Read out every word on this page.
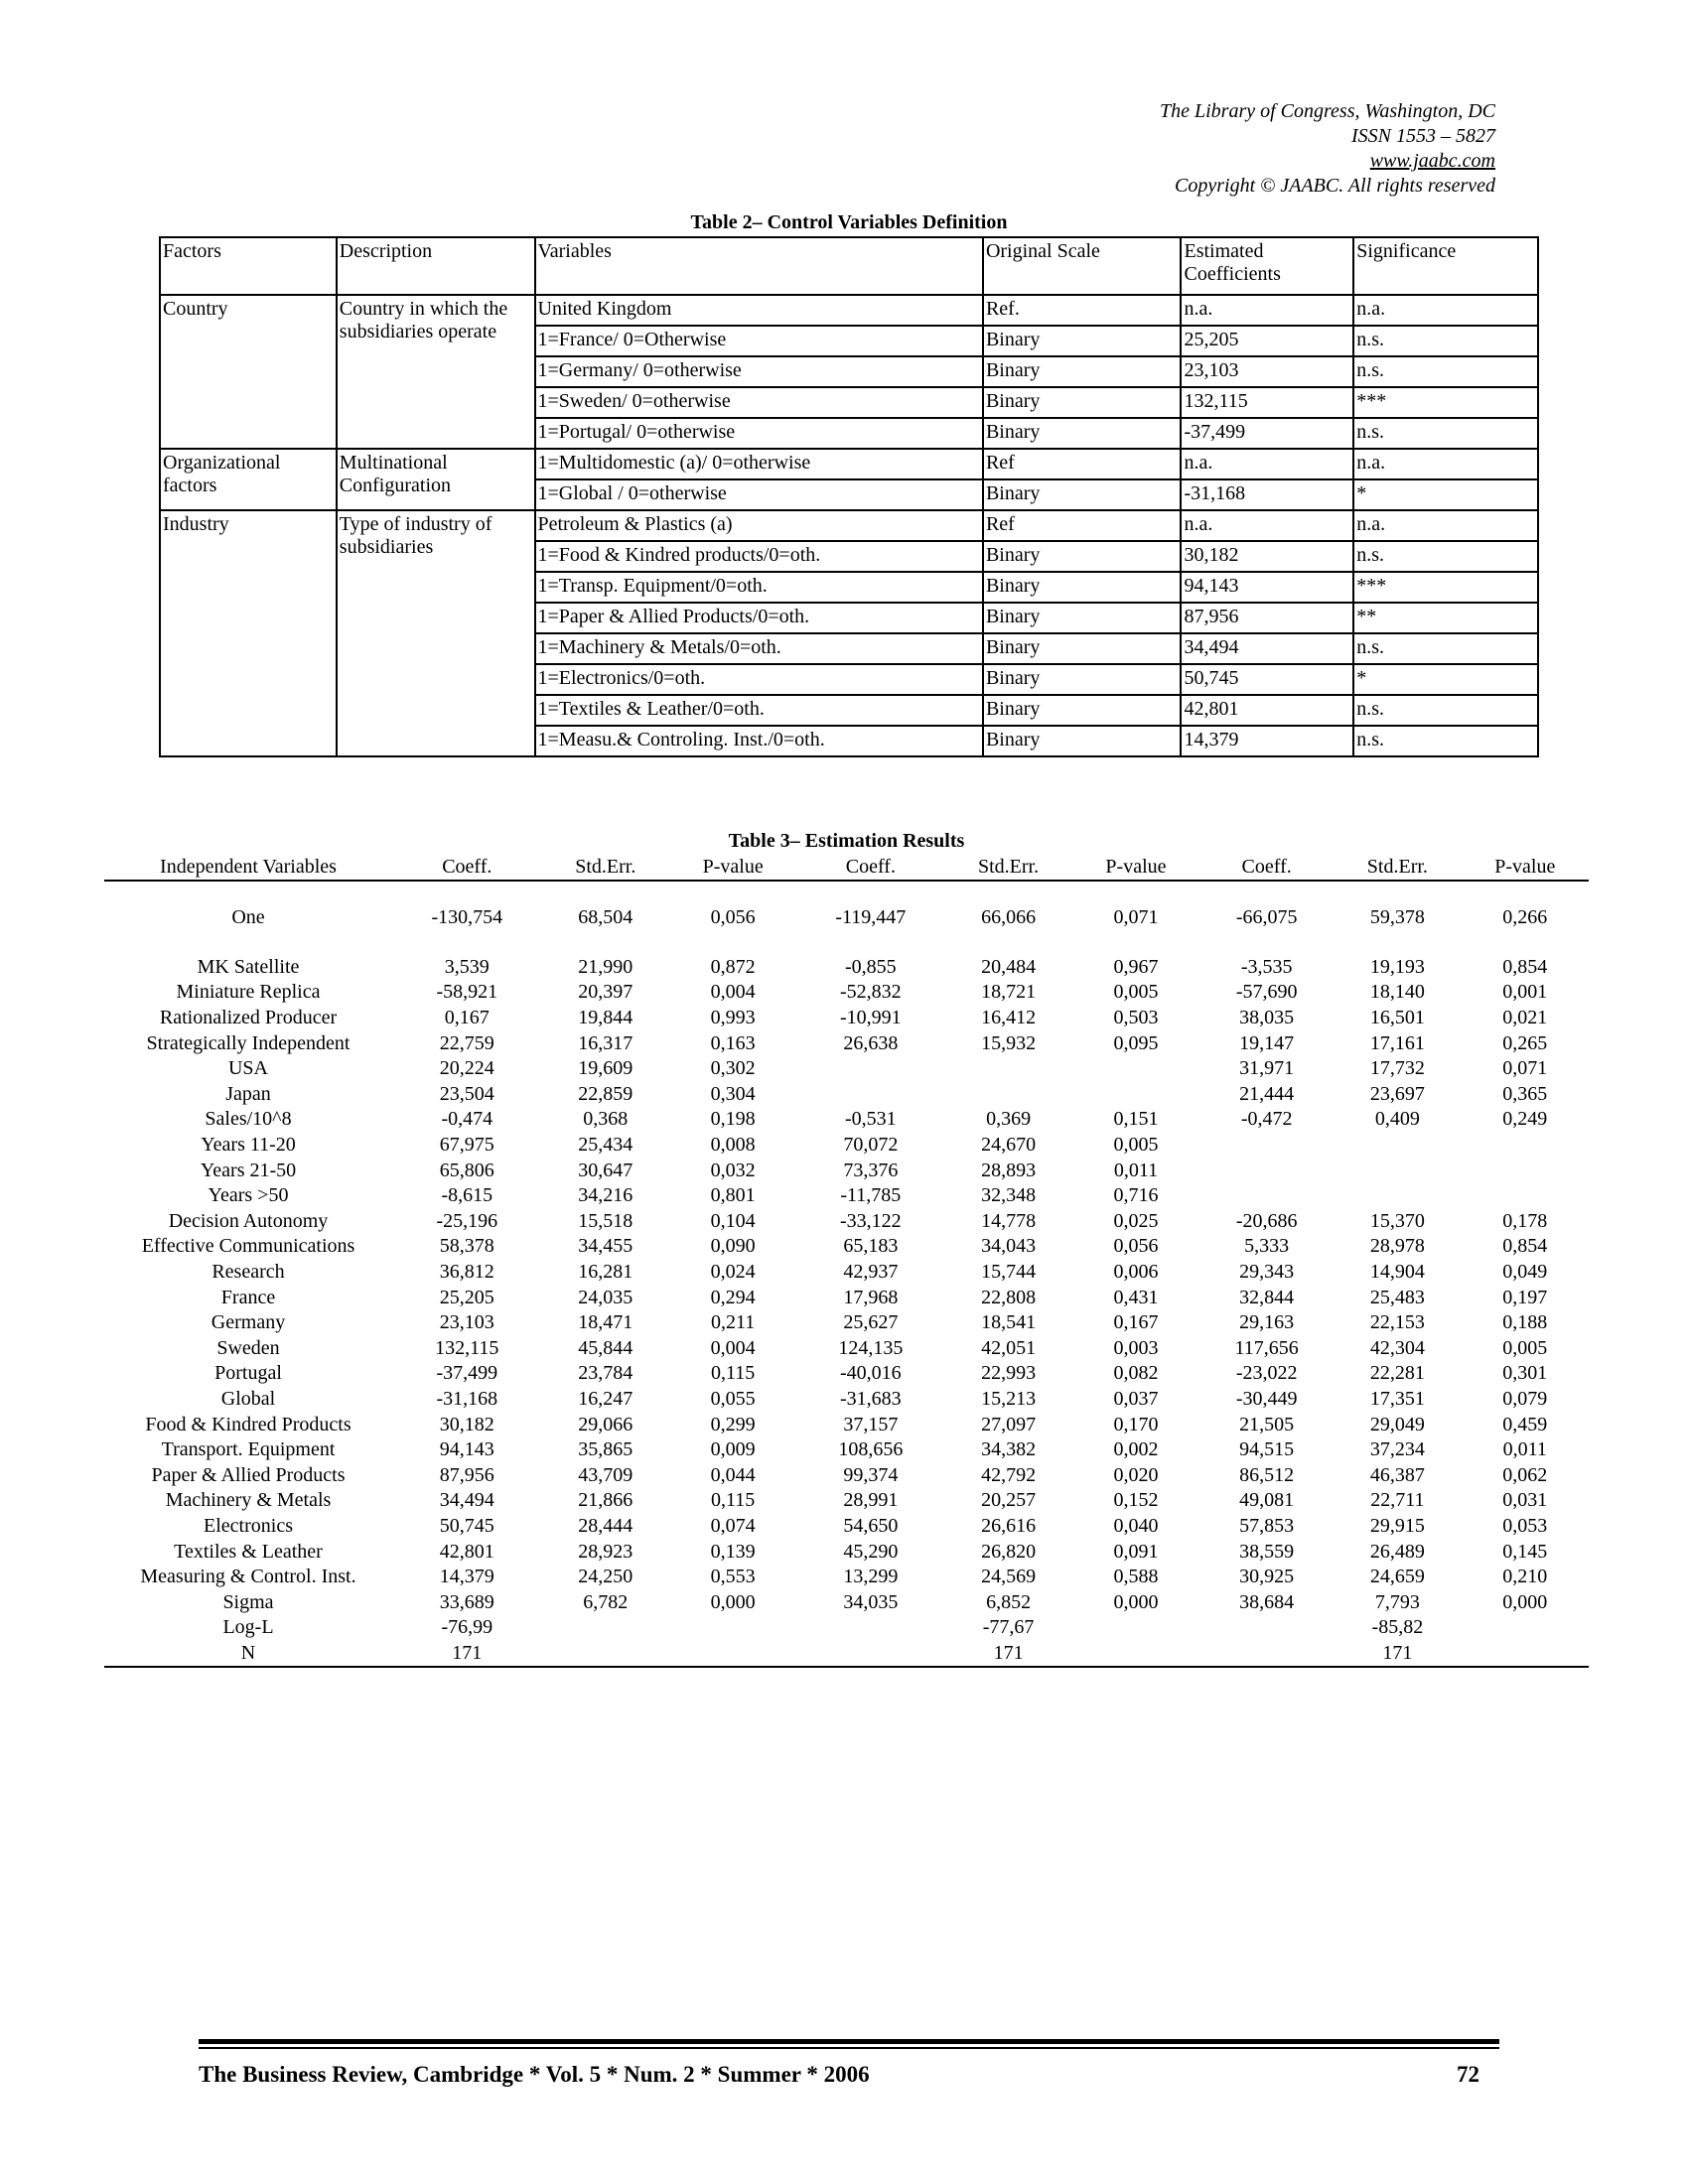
The Library of Congress, Washington, DC
ISSN 1553 – 5827
www.jaabc.com
Copyright © JAABC. All rights reserved
Table 2– Control Variables Definition
Factors	Description	Variables	Original Scale	Estimated Coefficients	Significance
Country	Country in which the subsidiaries operate	United Kingdom	Ref.	n.a.	n.a.
		1=France/ 0=Otherwise	Binary	25,205	n.s.
		1=Germany/ 0=otherwise	Binary	23,103	n.s.
		1=Sweden/ 0=otherwise	Binary	132,115	***
		1=Portugal/ 0=otherwise	Binary	-37,499	n.s.
Organizational factors	Multinational Configuration	1=Multidomestic (a)/ 0=otherwise	Ref	n.a.	n.a.
		1=Global / 0=otherwise	Binary	-31,168	*
Industry	Type of industry of subsidiaries	Petroleum & Plastics (a)	Ref	n.a.	n.a.
		1=Food & Kindred products/0=oth.	Binary	30,182	n.s.
		1=Transp. Equipment/0=oth.	Binary	94,143	***
		1=Paper & Allied Products/0=oth.	Binary	87,956	**
		1=Machinery & Metals/0=oth.	Binary	34,494	n.s.
		1=Electronics/0=oth.	Binary	50,745	*
		1=Textiles & Leather/0=oth.	Binary	42,801	n.s.
		1=Measu.& Controling. Inst./0=oth.	Binary	14,379	n.s.
Table 3– Estimation Results
Independent Variables	Coeff.	Std.Err.	P-value	Coeff.	Std.Err.	P-value	Coeff.	Std.Err.	P-value

One	-130,754	68,504	0,056	-119,447	66,066	0,071	-66,075	59,378	0,266

MK Satellite	3,539	21,990	0,872	-0,855	20,484	0,967	-3,535	19,193	0,854
Miniature Replica	-58,921	20,397	0,004	-52,832	18,721	0,005	-57,690	18,140	0,001
Rationalized Producer	0,167	19,844	0,993	-10,991	16,412	0,503	38,035	16,501	0,021
Strategically Independent	22,759	16,317	0,163	26,638	15,932	0,095	19,147	17,161	0,265
USA	20,224	19,609	0,302				31,971	17,732	0,071
Japan	23,504	22,859	0,304				21,444	23,697	0,365
Sales/10^8	-0,474	0,368	0,198	-0,531	0,369	0,151	-0,472	0,409	0,249
Years 11-20	67,975	25,434	0,008	70,072	24,670	0,005			
Years 21-50	65,806	30,647	0,032	73,376	28,893	0,011			
Years >50	-8,615	34,216	0,801	-11,785	32,348	0,716			
Decision Autonomy	-25,196	15,518	0,104	-33,122	14,778	0,025	-20,686	15,370	0,178
Effective Communications	58,378	34,455	0,090	65,183	34,043	0,056	5,333	28,978	0,854
Research	36,812	16,281	0,024	42,937	15,744	0,006	29,343	14,904	0,049
France	25,205	24,035	0,294	17,968	22,808	0,431	32,844	25,483	0,197
Germany	23,103	18,471	0,211	25,627	18,541	0,167	29,163	22,153	0,188
Sweden	132,115	45,844	0,004	124,135	42,051	0,003	117,656	42,304	0,005
Portugal	-37,499	23,784	0,115	-40,016	22,993	0,082	-23,022	22,281	0,301
Global	-31,168	16,247	0,055	-31,683	15,213	0,037	-30,449	17,351	0,079
Food & Kindred Products	30,182	29,066	0,299	37,157	27,097	0,170	21,505	29,049	0,459
Transport. Equipment	94,143	35,865	0,009	108,656	34,382	0,002	94,515	37,234	0,011
Paper & Allied Products	87,956	43,709	0,044	99,374	42,792	0,020	86,512	46,387	0,062
Machinery & Metals	34,494	21,866	0,115	28,991	20,257	0,152	49,081	22,711	0,031
Electronics	50,745	28,444	0,074	54,650	26,616	0,040	57,853	29,915	0,053
Textiles & Leather	42,801	28,923	0,139	45,290	26,820	0,091	38,559	26,489	0,145
Measuring & Control. Inst.	14,379	24,250	0,553	13,299	24,569	0,588	30,925	24,659	0,210
Sigma	33,689	6,782	0,000	34,035	6,852	0,000	38,684	7,793	0,000
Log-L	-76,99				-77,67			-85,82	
N	171				171			171	
The Business Review, Cambridge * Vol. 5 * Num. 2 * Summer * 2006	72
